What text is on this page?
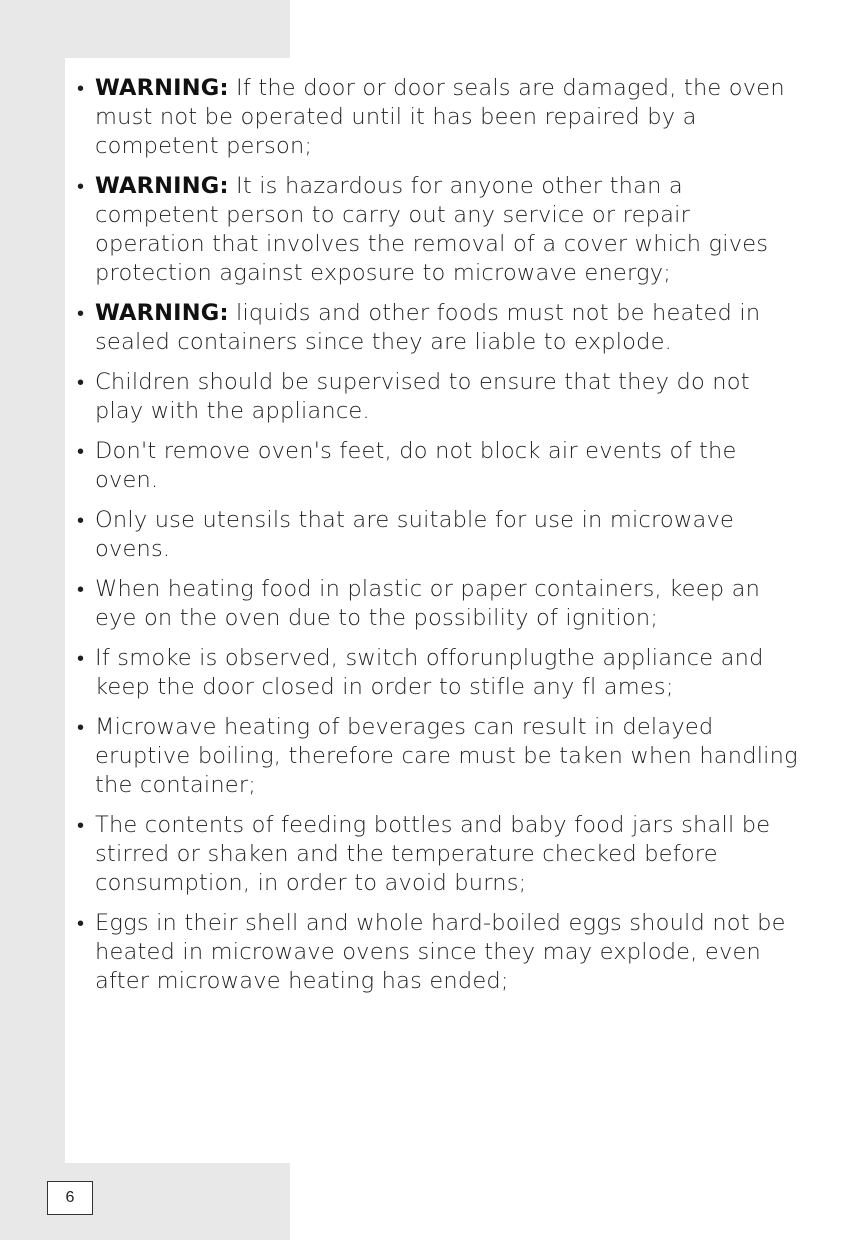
• WARNING: If the door or door seals are damaged, the oven must not be operated until it has been repaired by a competent person;
• WARNING: It is hazardous for anyone other than a competent person to carry out any service or repair operation that involves the removal of a cover which gives protection against exposure to microwave energy;
• WARNING: liquids and other foods must not be heated in sealed containers since they are liable to explode.
• Children should be supervised to ensure that they do not play with the appliance.
• Don't remove oven's feet, do not block air events of the oven.
• Only use utensils that are suitable for use in microwave ovens.
• When heating food in plastic or paper containers, keep an eye on the oven due to the possibility of ignition;
• If smoke is observed, switch offorunplugthe appliance and keep the door closed in order to stifle any fl ames;
• Microwave heating of beverages can result in delayed eruptive boiling, therefore care must be taken when handling the container;
• The contents of feeding bottles and baby food jars shall be stirred or shaken and the temperature checked before consumption, in order to avoid burns;
• Eggs in their shell and whole hard-boiled eggs should not be heated in microwave ovens since they may explode, even after microwave heating has ended;
6
